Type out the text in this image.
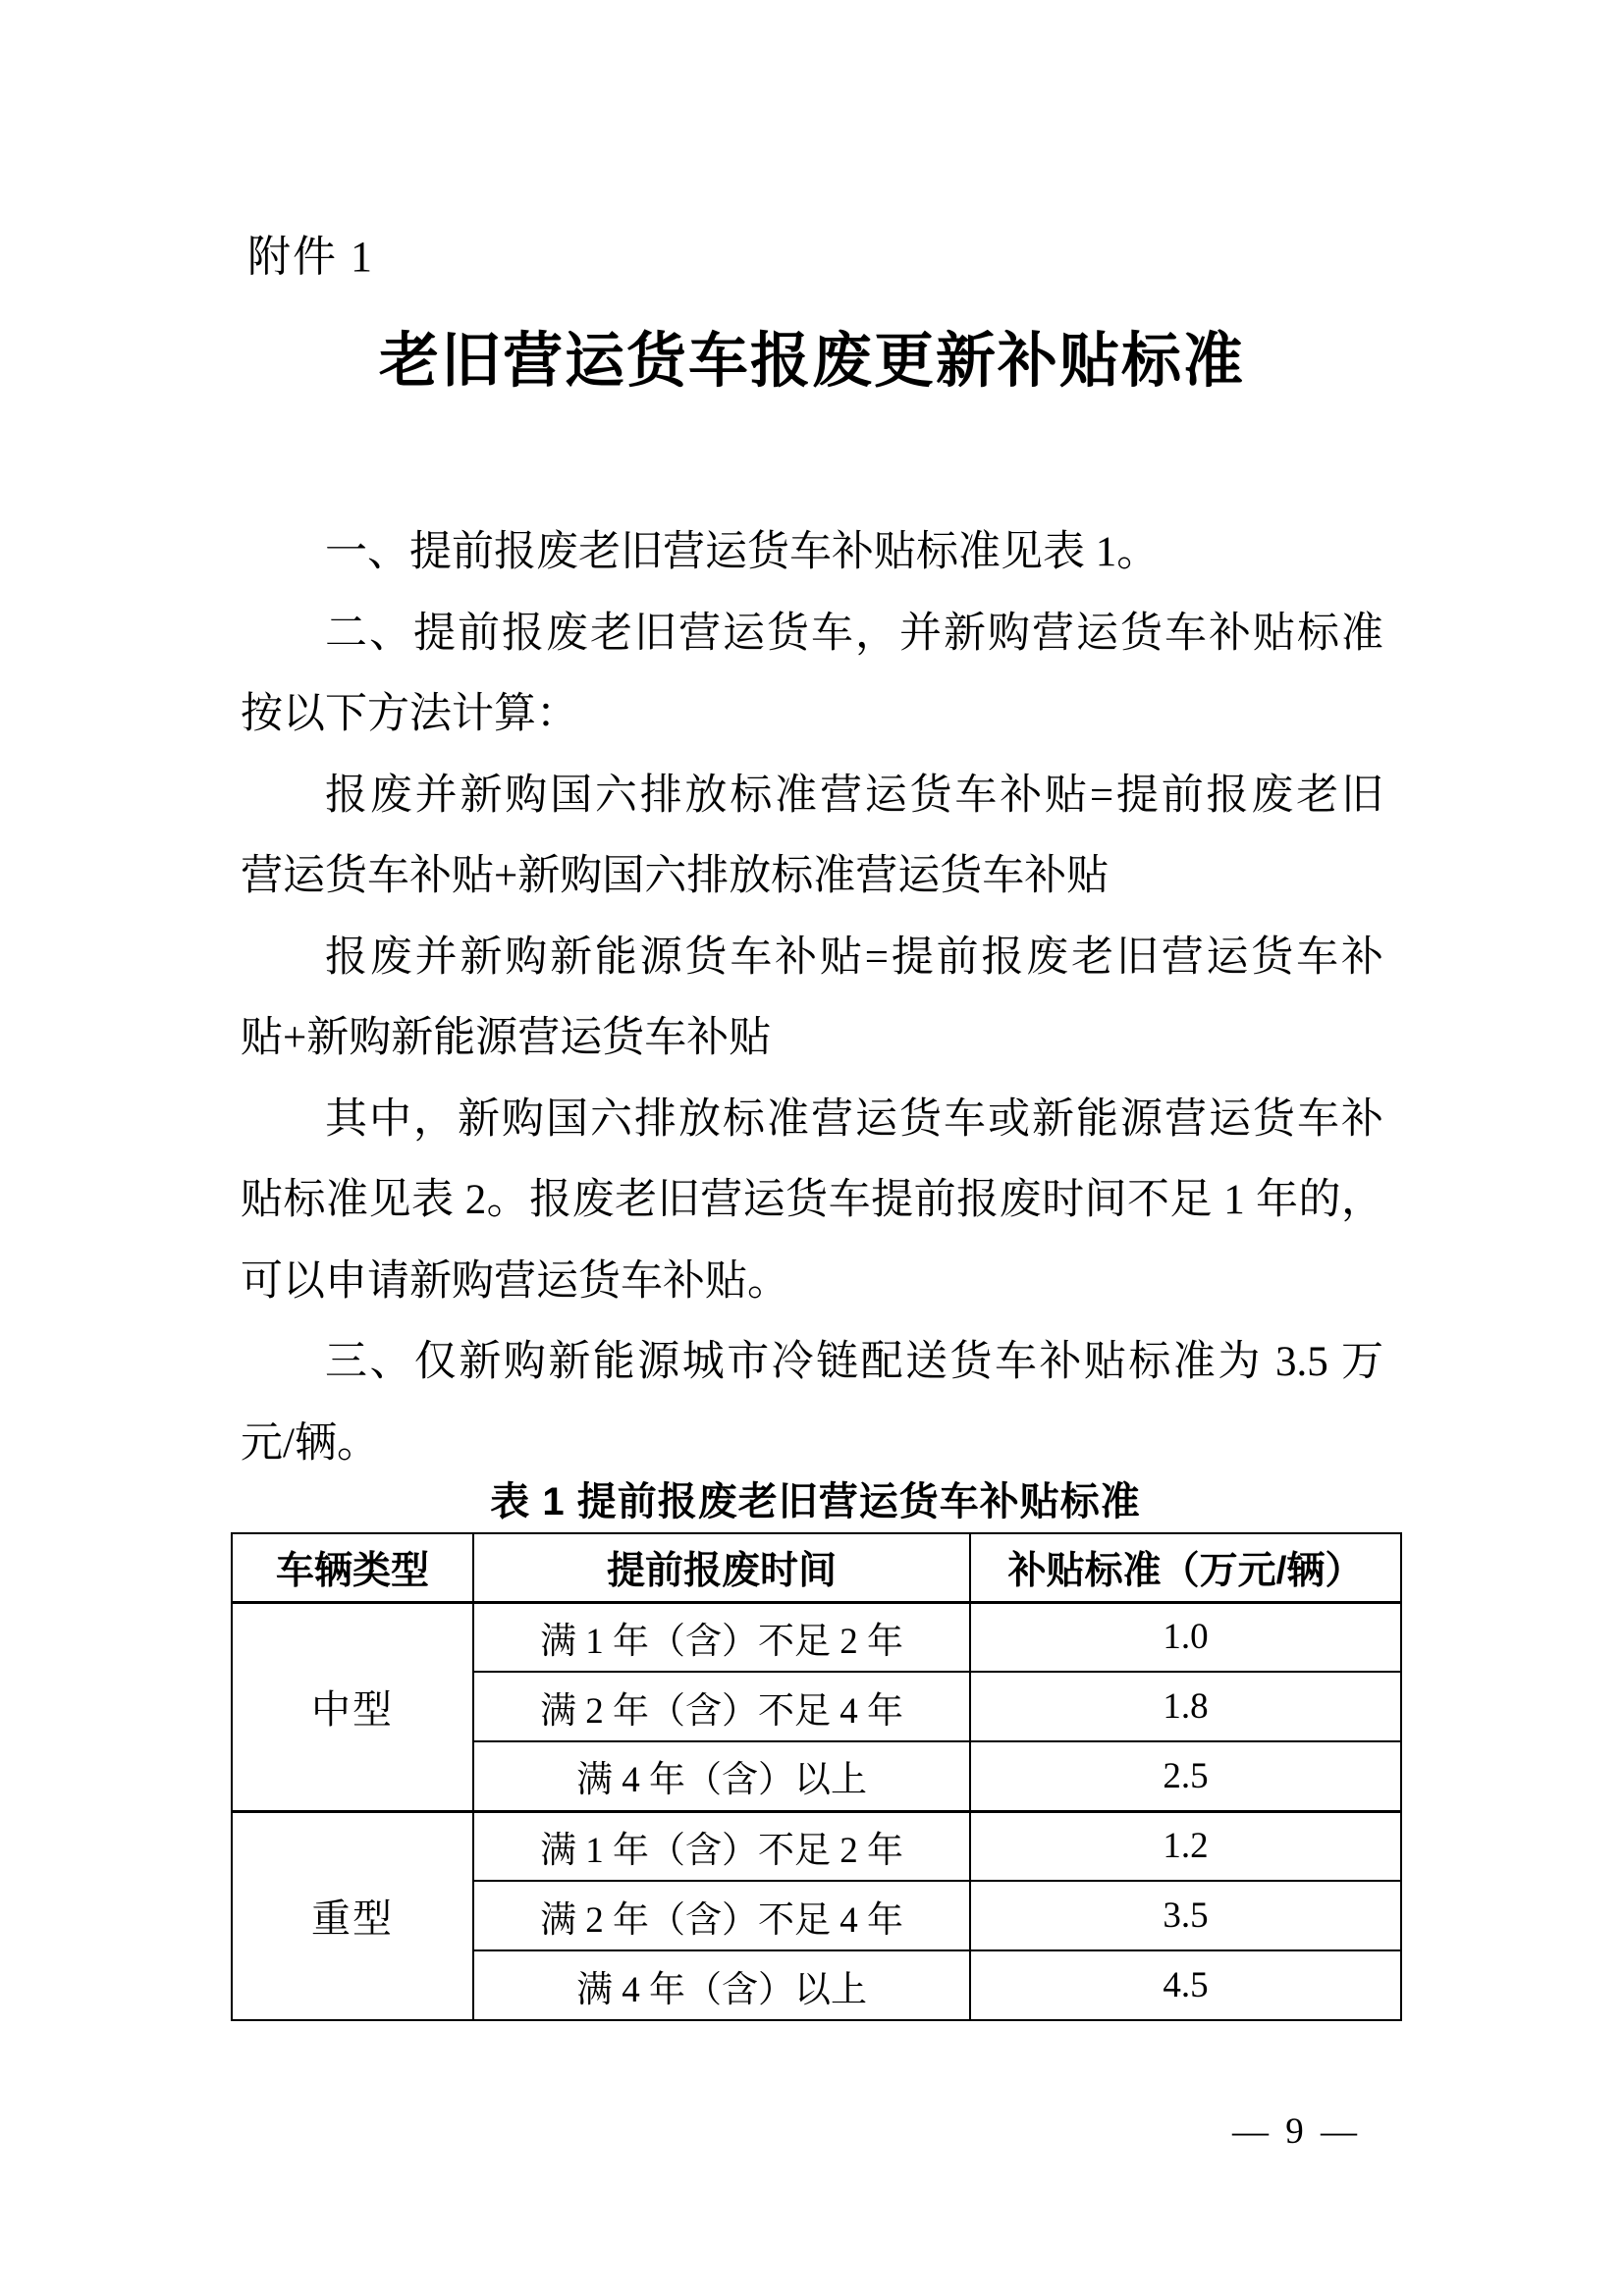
附件 1
老旧营运货车报废更新补贴标准
一、提前报废老旧营运货车补贴标准见表 1。
二、提前报废老旧营运货车，并新购营运货车补贴标准
按以下方法计算：
报废并新购国六排放标准营运货车补贴=提前报废老旧
营运货车补贴+新购国六排放标准营运货车补贴
报废并新购新能源货车补贴=提前报废老旧营运货车补
贴+新购新能源营运货车补贴
其中，新购国六排放标准营运货车或新能源营运货车补
贴标准见表 2。报废老旧营运货车提前报废时间不足 1 年的，
可以申请新购营运货车补贴。
三、仅新购新能源城市冷链配送货车补贴标准为 3.5 万
元/辆。
表 1 提前报废老旧营运货车补贴标准
车辆类型	提前报废时间	补贴标准（万元/辆）
中型	满 1 年（含）不足 2 年	1.0
	满 2 年（含）不足 4 年	1.8
	满 4 年（含）以上	2.5
重型	满 1 年（含）不足 2 年	1.2
	满 2 年（含）不足 4 年	3.5
	满 4 年（含）以上	4.5
— 9 —
